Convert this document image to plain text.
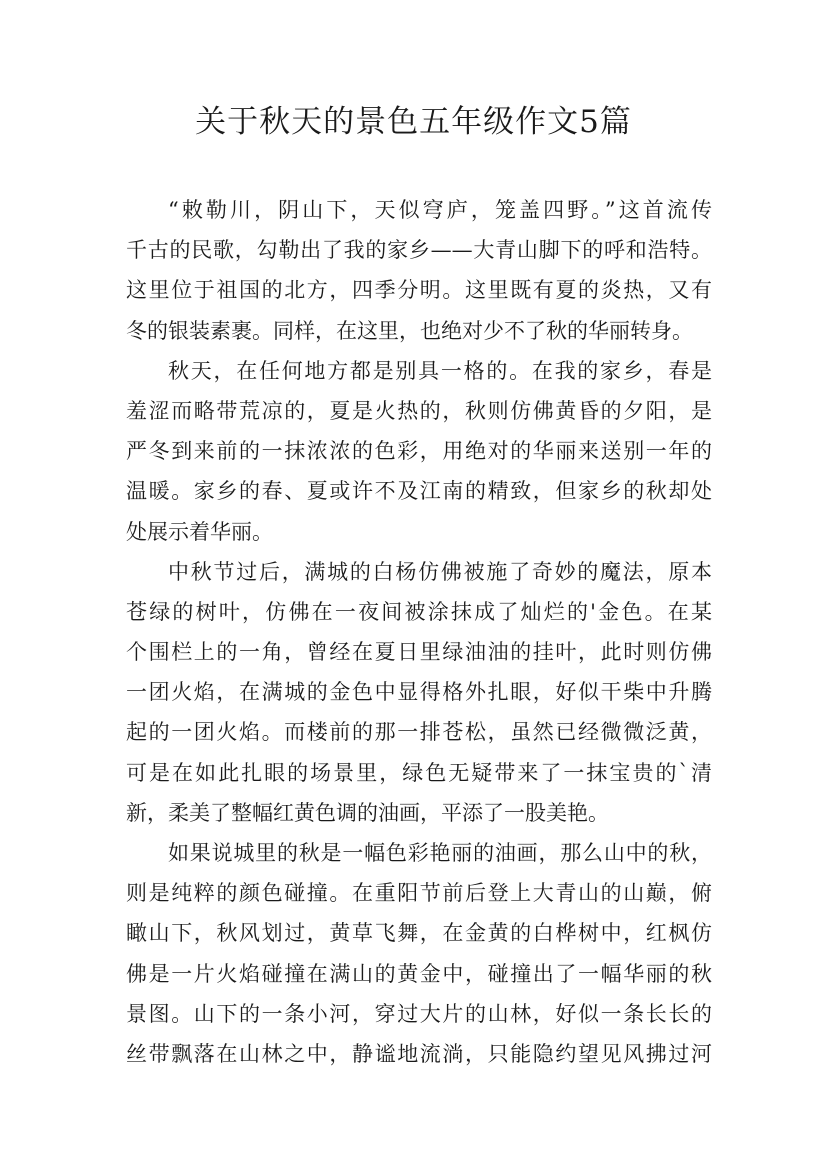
关于秋天的景色五年级作文5篇
“敕勒川，阴山下，天似穹庐，笼盖四野。”这首流传
千古的民歌，勾勒出了我的家乡——大青山脚下的呼和浩特。
这里位于祖国的北方，四季分明。这里既有夏的炎热，又有
冬的银装素裹。同样，在这里，也绝对少不了秋的华丽转身。
秋天，在任何地方都是别具一格的。在我的家乡，春是
羞涩而略带荒凉的，夏是火热的，秋则仿佛黄昏的夕阳，是
严冬到来前的一抹浓浓的色彩，用绝对的华丽来送别一年的
温暖。家乡的春、夏或许不及江南的精致，但家乡的秋却处
处展示着华丽。
中秋节过后，满城的白杨仿佛被施了奇妙的魔法，原本
苍绿的树叶，仿佛在一夜间被涂抹成了灿烂的'金色。在某
个围栏上的一角，曾经在夏日里绿油油的挂叶，此时则仿佛
一团火焰，在满城的金色中显得格外扎眼，好似干柴中升腾
起的一团火焰。而楼前的那一排苍松，虽然已经微微泛黄，
可是在如此扎眼的场景里，绿色无疑带来了一抹宝贵的`清
新，柔美了整幅红黄色调的油画，平添了一股美艳。
如果说城里的秋是一幅色彩艳丽的油画，那么山中的秋，
则是纯粹的颜色碰撞。在重阳节前后登上大青山的山巅，俯
瞰山下，秋风划过，黄草飞舞，在金黄的白桦树中，红枫仿
佛是一片火焰碰撞在满山的黄金中，碰撞出了一幅华丽的秋
景图。山下的一条小河，穿过大片的山林，好似一条长长的
丝带飘落在山林之中，静谧地流淌，只能隐约望见风拂过河
